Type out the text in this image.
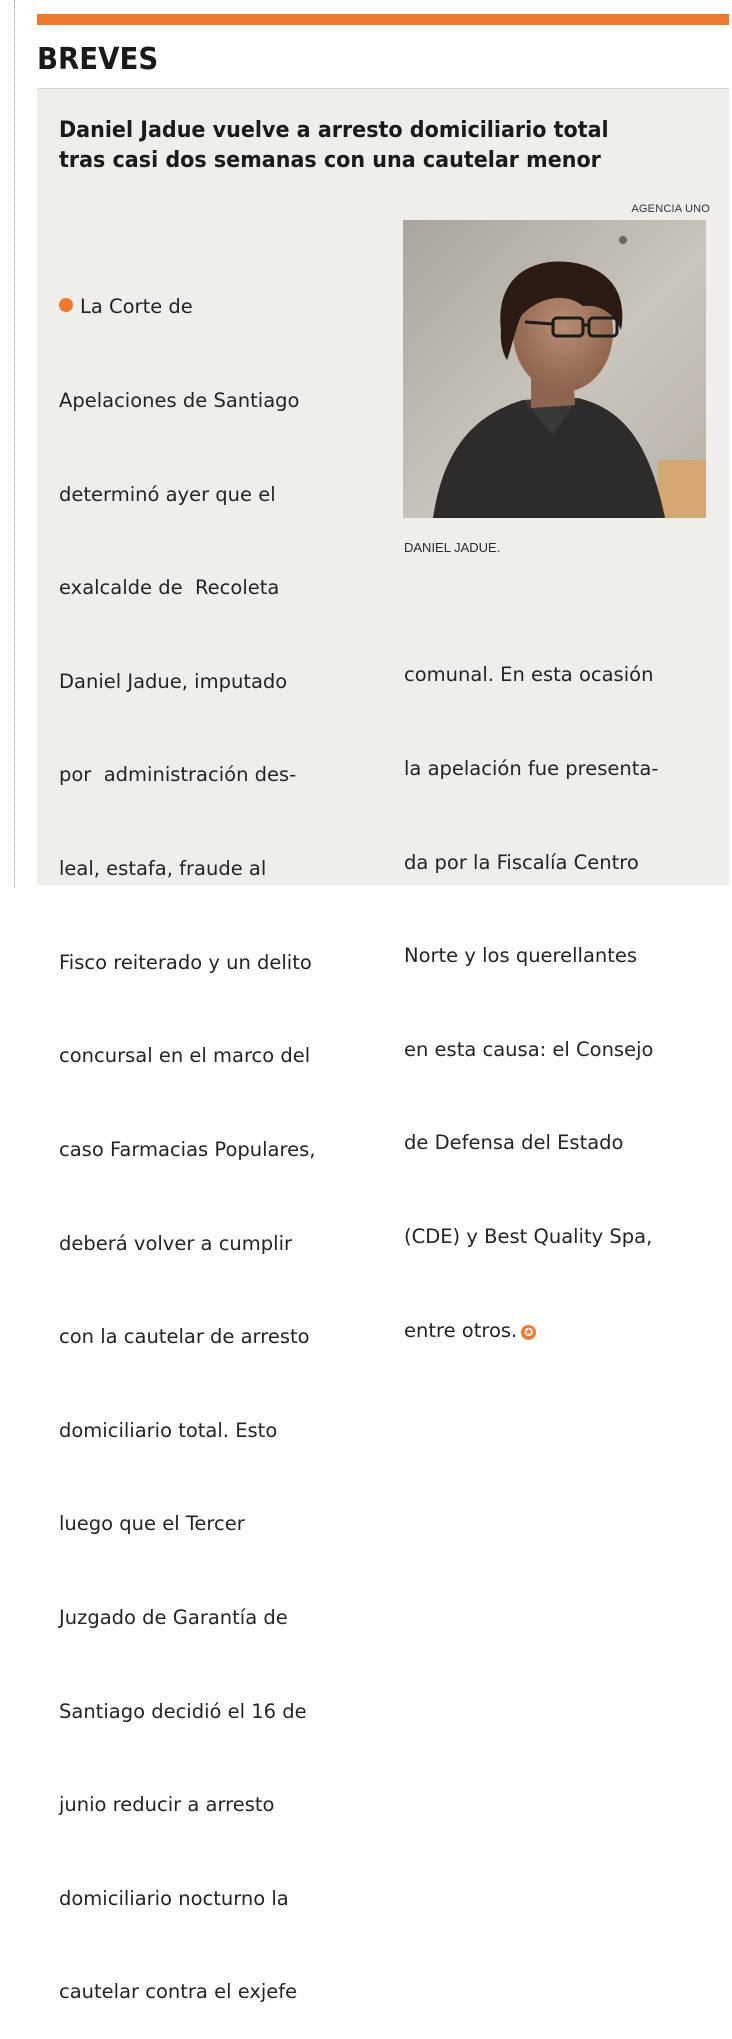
BREVES
Daniel Jadue vuelve a arresto domiciliario total
tras casi dos semanas con una cautelar menor
AGENCIA UNO
DANIEL JADUE.

La Corte de

Apelaciones de Santiago

determinó ayer que el

exalcalde de  Recoleta

Daniel Jadue, imputado

por  administración des-

leal, estafa, fraude al

Fisco reiterado y un delito

concursal en el marco del

caso Farmacias Populares,

deberá volver a cumplir

con la cautelar de arresto

domiciliario total. Esto

luego que el Tercer

Juzgado de Garantía de

Santiago decidió el 16 de

junio reducir a arresto

domiciliario nocturno la

cautelar contra el exjefe

comunal. En esta ocasión

la apelación fue presenta-

da por la Fiscalía Centro

Norte y los querellantes

en esta causa: el Consejo

de Defensa del Estado

(CDE) y Best Quality Spa,

entre otros. ✪
